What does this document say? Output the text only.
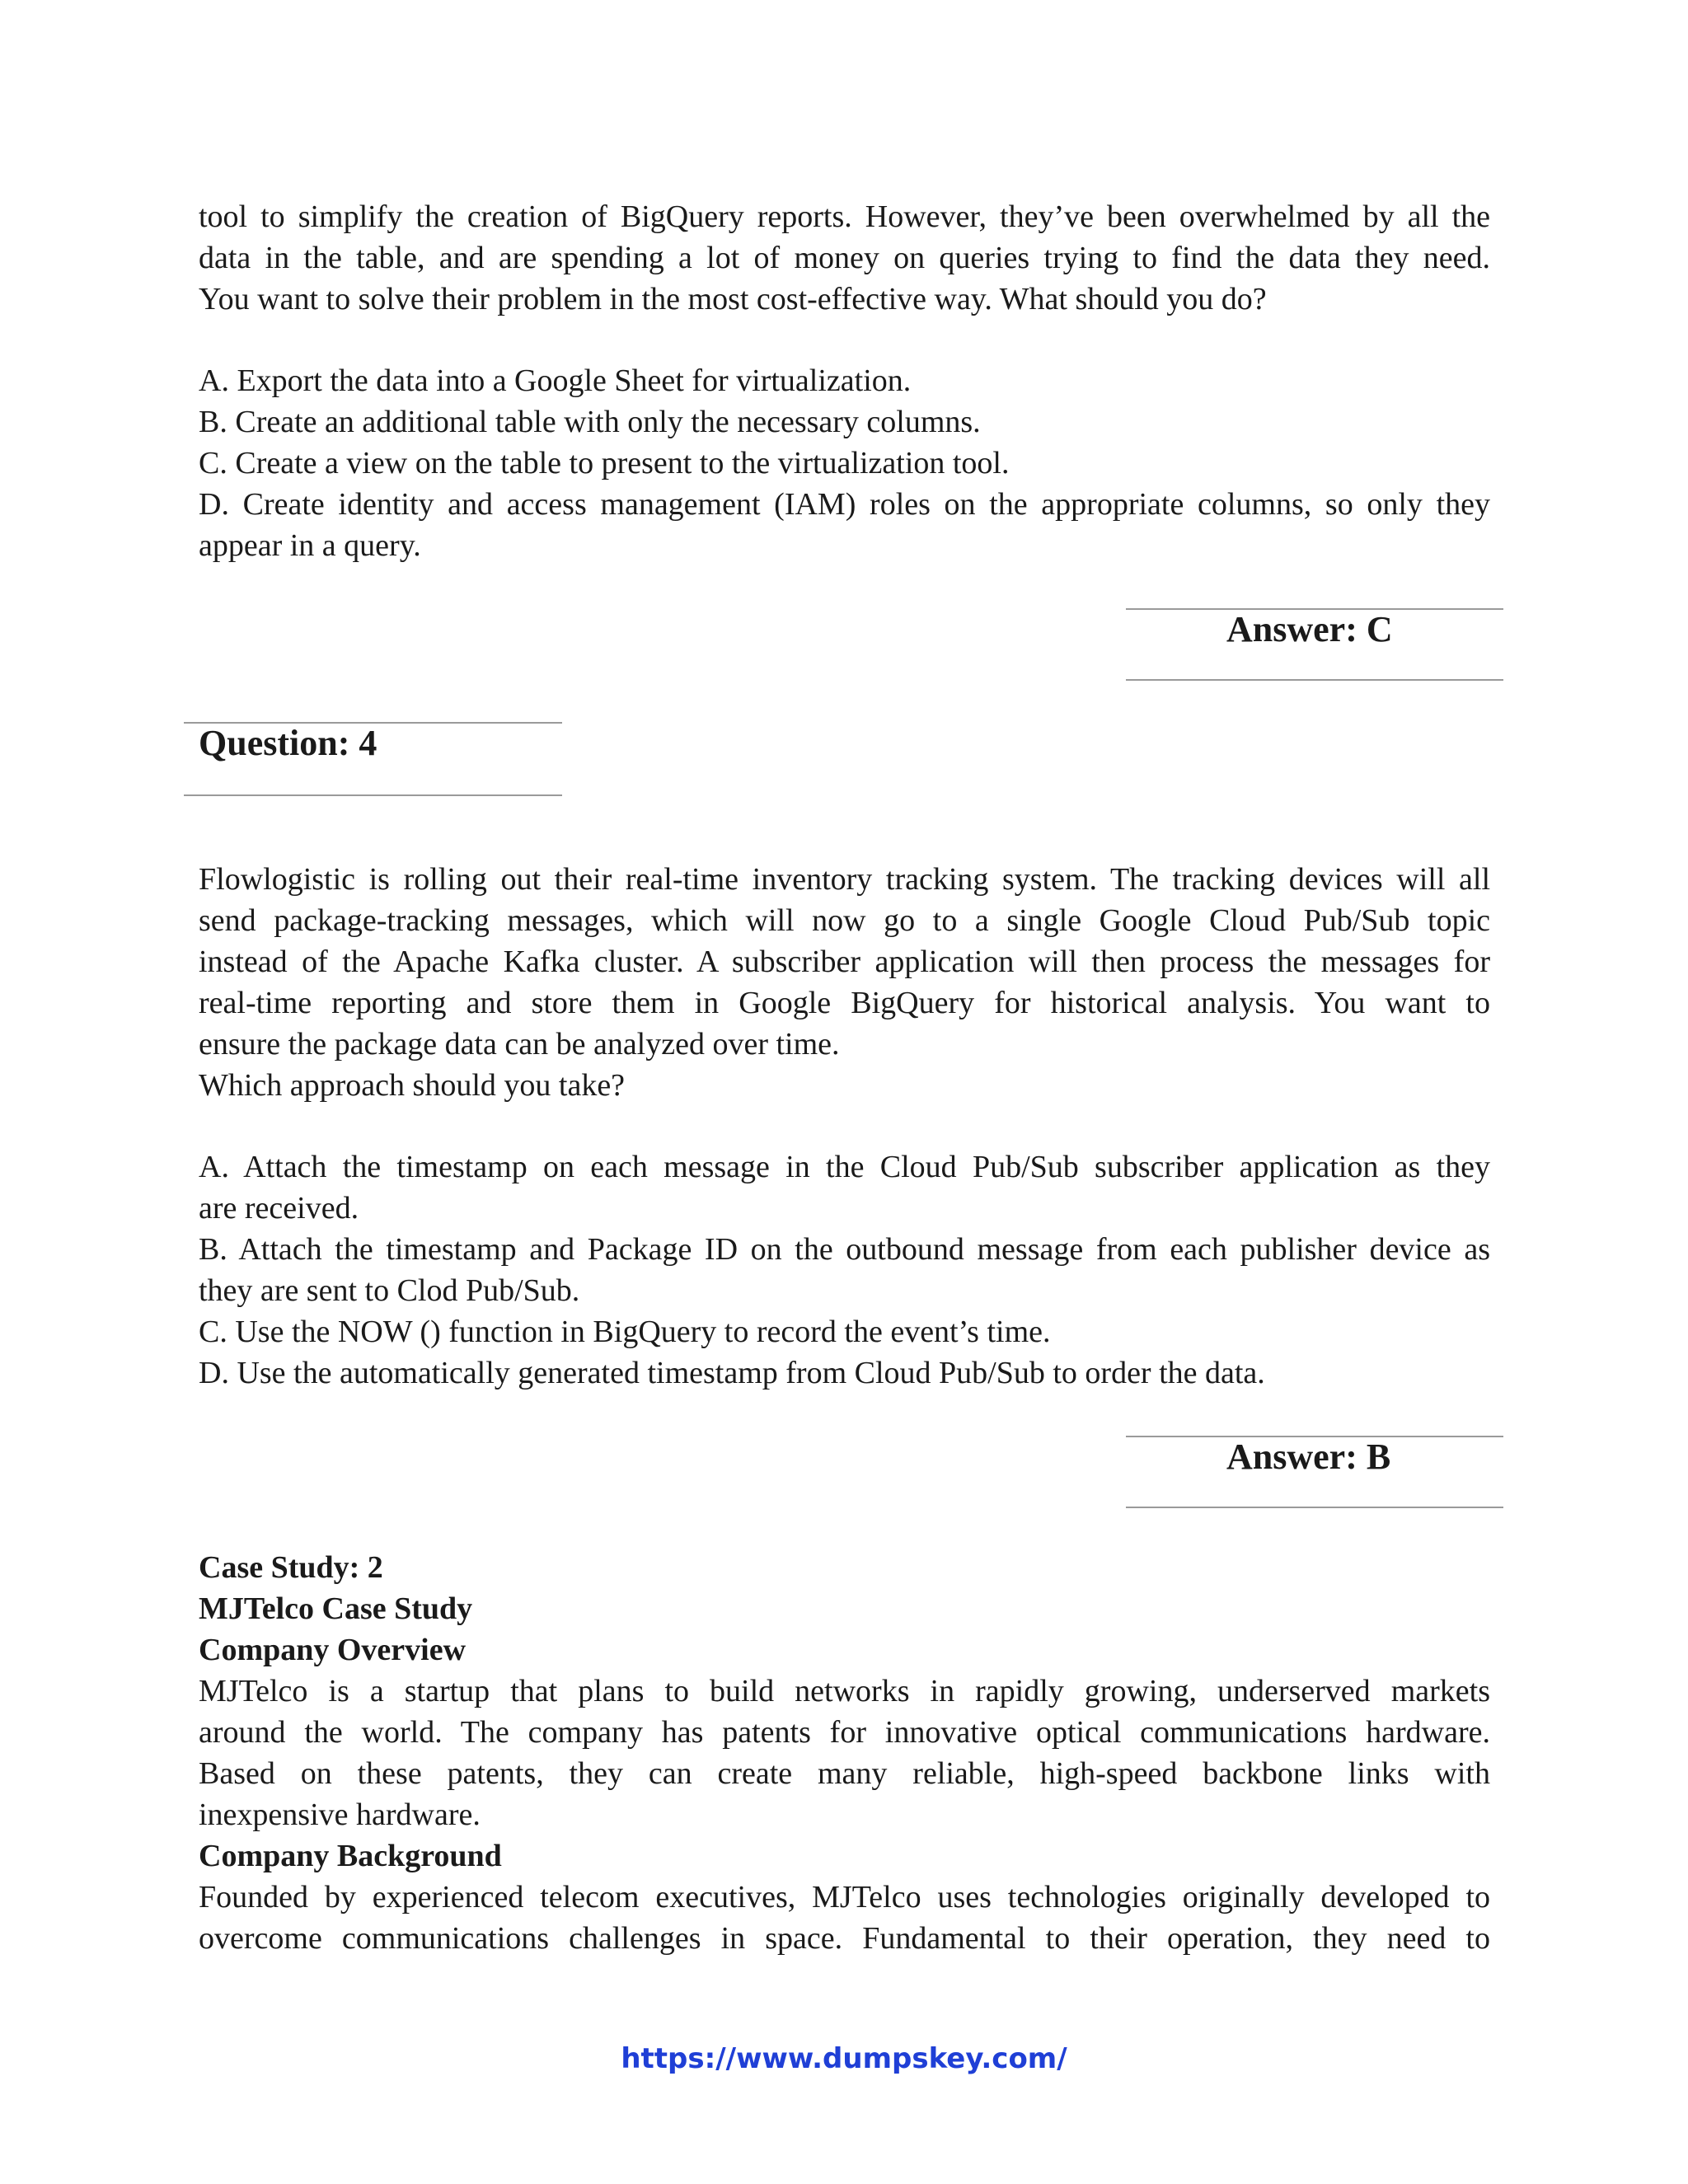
tool to simplify the creation of BigQuery reports. However, they’ve been overwhelmed by all the
data in the table, and are spending a lot of money on queries trying to find the data they need.
You want to solve their problem in the most cost-effective way. What should you do?
A. Export the data into a Google Sheet for virtualization.
B. Create an additional table with only the necessary columns.
C. Create a view on the table to present to the virtualization tool.
D. Create identity and access management (IAM) roles on the appropriate columns, so only they
appear in a query.
Answer: C
Question: 4
Flowlogistic is rolling out their real-time inventory tracking system. The tracking devices will all
send package-tracking messages, which will now go to a single Google Cloud Pub/Sub topic
instead of the Apache Kafka cluster. A subscriber application will then process the messages for
real-time reporting and store them in Google BigQuery for historical analysis. You want to
ensure the package data can be analyzed over time.
Which approach should you take?
A. Attach the timestamp on each message in the Cloud Pub/Sub subscriber application as they
are received.
B. Attach the timestamp and Package ID on the outbound message from each publisher device as
they are sent to Clod Pub/Sub.
C. Use the NOW () function in BigQuery to record the event’s time.
D. Use the automatically generated timestamp from Cloud Pub/Sub to order the data.
Answer: B
Case Study: 2
MJTelco Case Study
Company Overview
MJTelco is a startup that plans to build networks in rapidly growing, underserved markets
around the world. The company has patents for innovative optical communications hardware.
Based on these patents, they can create many reliable, high-speed backbone links with
inexpensive hardware.
Company Background
Founded by experienced telecom executives, MJTelco uses technologies originally developed to
overcome communications challenges in space. Fundamental to their operation, they need to
https://www.dumpskey.com/
